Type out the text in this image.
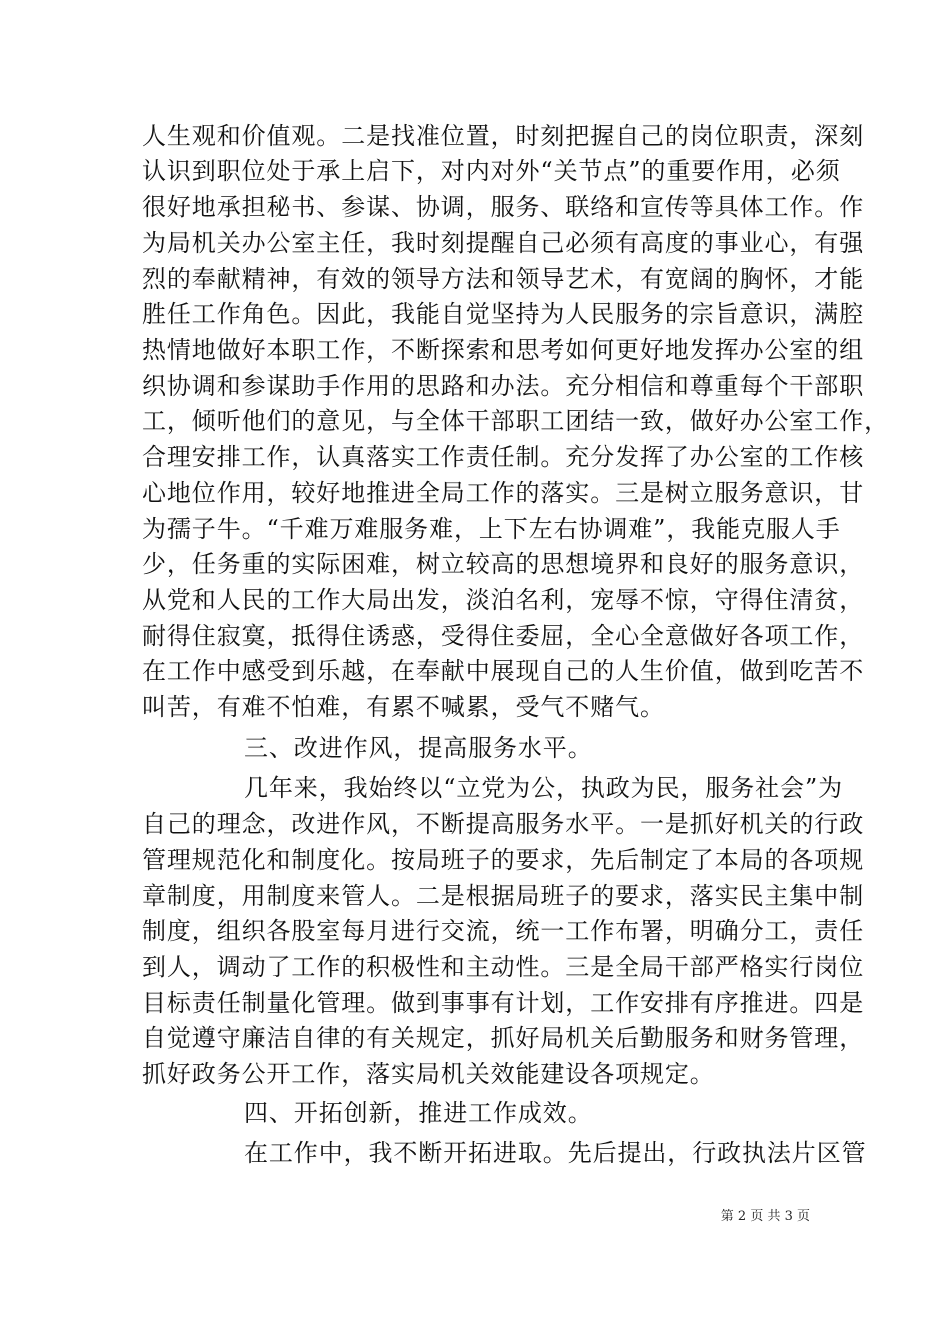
人生观和价值观。二是找准位置，时刻把握自己的岗位职责，深刻
认识到职位处于承上启下，对内对外“关节点”的重要作用，必须
很好地承担秘书、参谋、协调，服务、联络和宣传等具体工作。作
为局机关办公室主任，我时刻提醒自己必须有高度的事业心，有强
烈的奉献精神，有效的领导方法和领导艺术，有宽阔的胸怀，才能
胜任工作角色。因此，我能自觉坚持为人民服务的宗旨意识，满腔
热情地做好本职工作，不断探索和思考如何更好地发挥办公室的组
织协调和参谋助手作用的思路和办法。充分相信和尊重每个干部职
工，倾听他们的意见，与全体干部职工团结一致，做好办公室工作，
合理安排工作，认真落实工作责任制。充分发挥了办公室的工作核
心地位作用，较好地推进全局工作的落实。三是树立服务意识，甘
为孺子牛。“千难万难服务难，上下左右协调难”，我能克服人手
少，任务重的实际困难，树立较高的思想境界和良好的服务意识，
从党和人民的工作大局出发，淡泊名利，宠辱不惊，守得住清贫，
耐得住寂寞，抵得住诱惑，受得住委屈，全心全意做好各项工作，
在工作中感受到乐越，在奉献中展现自己的人生价值，做到吃苦不
叫苦，有难不怕难，有累不喊累，受气不赌气。
三、改进作风，提高服务水平。
几年来，我始终以“立党为公，执政为民，服务社会”为
自己的理念，改进作风，不断提高服务水平。一是抓好机关的行政
管理规范化和制度化。按局班子的要求，先后制定了本局的各项规
章制度，用制度来管人。二是根据局班子的要求，落实民主集中制
制度，组织各股室每月进行交流，统一工作布署，明确分工，责任
到人，调动了工作的积极性和主动性。三是全局干部严格实行岗位
目标责任制量化管理。做到事事有计划，工作安排有序推进。四是
自觉遵守廉洁自律的有关规定，抓好局机关后勤服务和财务管理，
抓好政务公开工作，落实局机关效能建设各项规定。
四、开拓创新，推进工作成效。
在工作中，我不断开拓进取。先后提出，行政执法片区管
第 2 页 共 3 页
